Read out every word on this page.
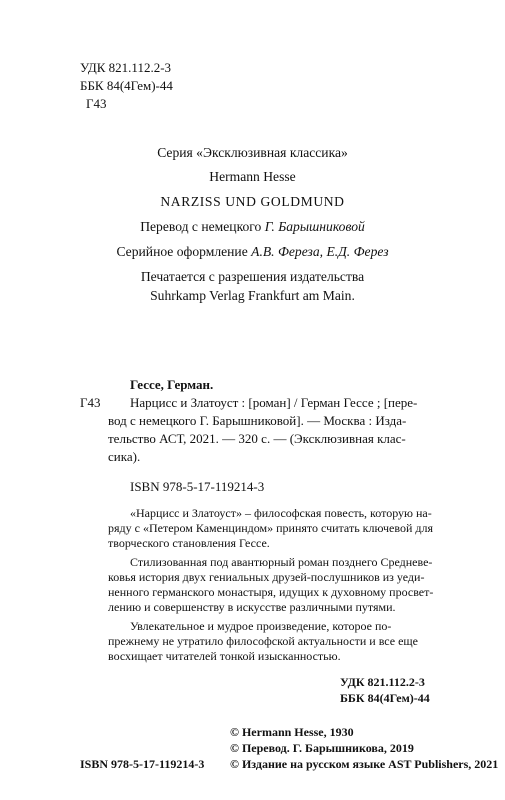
УДК 821.112.2-3
ББК 84(4Гем)-44
Г43
Серия «Эксклюзивная классика»
Hermann Hesse
NARZISS UND GOLDMUND
Перевод с немецкого Г. Барышниковой
Серийное оформление А.В. Фереза, Е.Д. Ферез
Печатается с разрешения издательства
Suhrkamp Verlag Frankfurt am Main.
Гессе, Герман.
Г43 Нарцисс и Златоуст : [роман] / Герман Гессе ; [пере-
вод с немецкого Г. Барышниковой]. — Москва : Изда-
тельство АСТ, 2021. — 320 с. — (Эксклюзивная клас-
сика).
ISBN 978-5-17-119214-3
«Нарцисс и Златоуст» – философская повесть, которую на-
ряду с «Петером Каменциндом» принято считать ключевой для
творческого становления Гессе.
Стилизованная под авантюрный роман позднего Средневе-
ковья история двух гениальных друзей-послушников из уеди-
ненного германского монастыря, идущих к духовному просвет-
лению и совершенству в искусстве различными путями.
Увлекательное и мудрое произведение, которое по-
прежнему не утратило философской актуальности и все еще
восхищает читателей тонкой изысканностью.
УДК 821.112.2-3
ББК 84(4Гем)-44
© Hermann Hesse, 1930
© Перевод. Г. Барышникова, 2019
ISBN 978-5-17-119214-3 © Издание на русском языке AST Publishers, 2021
